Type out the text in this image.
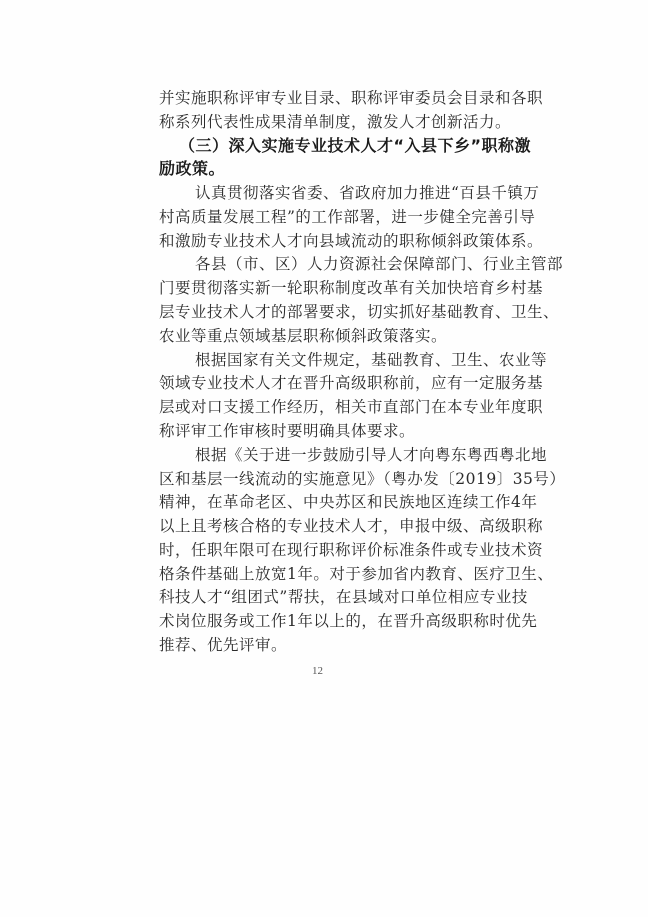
并实施职称评审专业目录、职称评审委员会目录和各职

称系列代表性成果清单制度，激发人才创新活力。

（三）深入实施专业技术人才“入县下乡”职称激

励政策。

认真贯彻落实省委、省政府加力推进“百县千镇万

村高质量发展工程”的工作部署，进一步健全完善引导

和激励专业技术人才向县域流动的职称倾斜政策体系。

各县（市、区）人力资源社会保障部门、行业主管部

门要贯彻落实新一轮职称制度改革有关加快培育乡村基

层专业技术人才的部署要求，切实抓好基础教育、卫生、

农业等重点领域基层职称倾斜政策落实。

根据国家有关文件规定，基础教育、卫生、农业等

领域专业技术人才在晋升高级职称前，应有一定服务基

层或对口支援工作经历，相关市直部门在本专业年度职

称评审工作审核时要明确具体要求。

根据《关于进一步鼓励引导人才向粤东粤西粤北地

区和基层一线流动的实施意见》（粤办发〔2019〕35号）

精神，在革命老区、中央苏区和民族地区连续工作4年

以上且考核合格的专业技术人才，申报中级、高级职称

时，任职年限可在现行职称评价标准条件或专业技术资

格条件基础上放宽1年。对于参加省内教育、医疗卫生、

科技人才“组团式”帮扶，在县域对口单位相应专业技

术岗位服务或工作1年以上的，在晋升高级职称时优先

推荐、优先评审。

12
